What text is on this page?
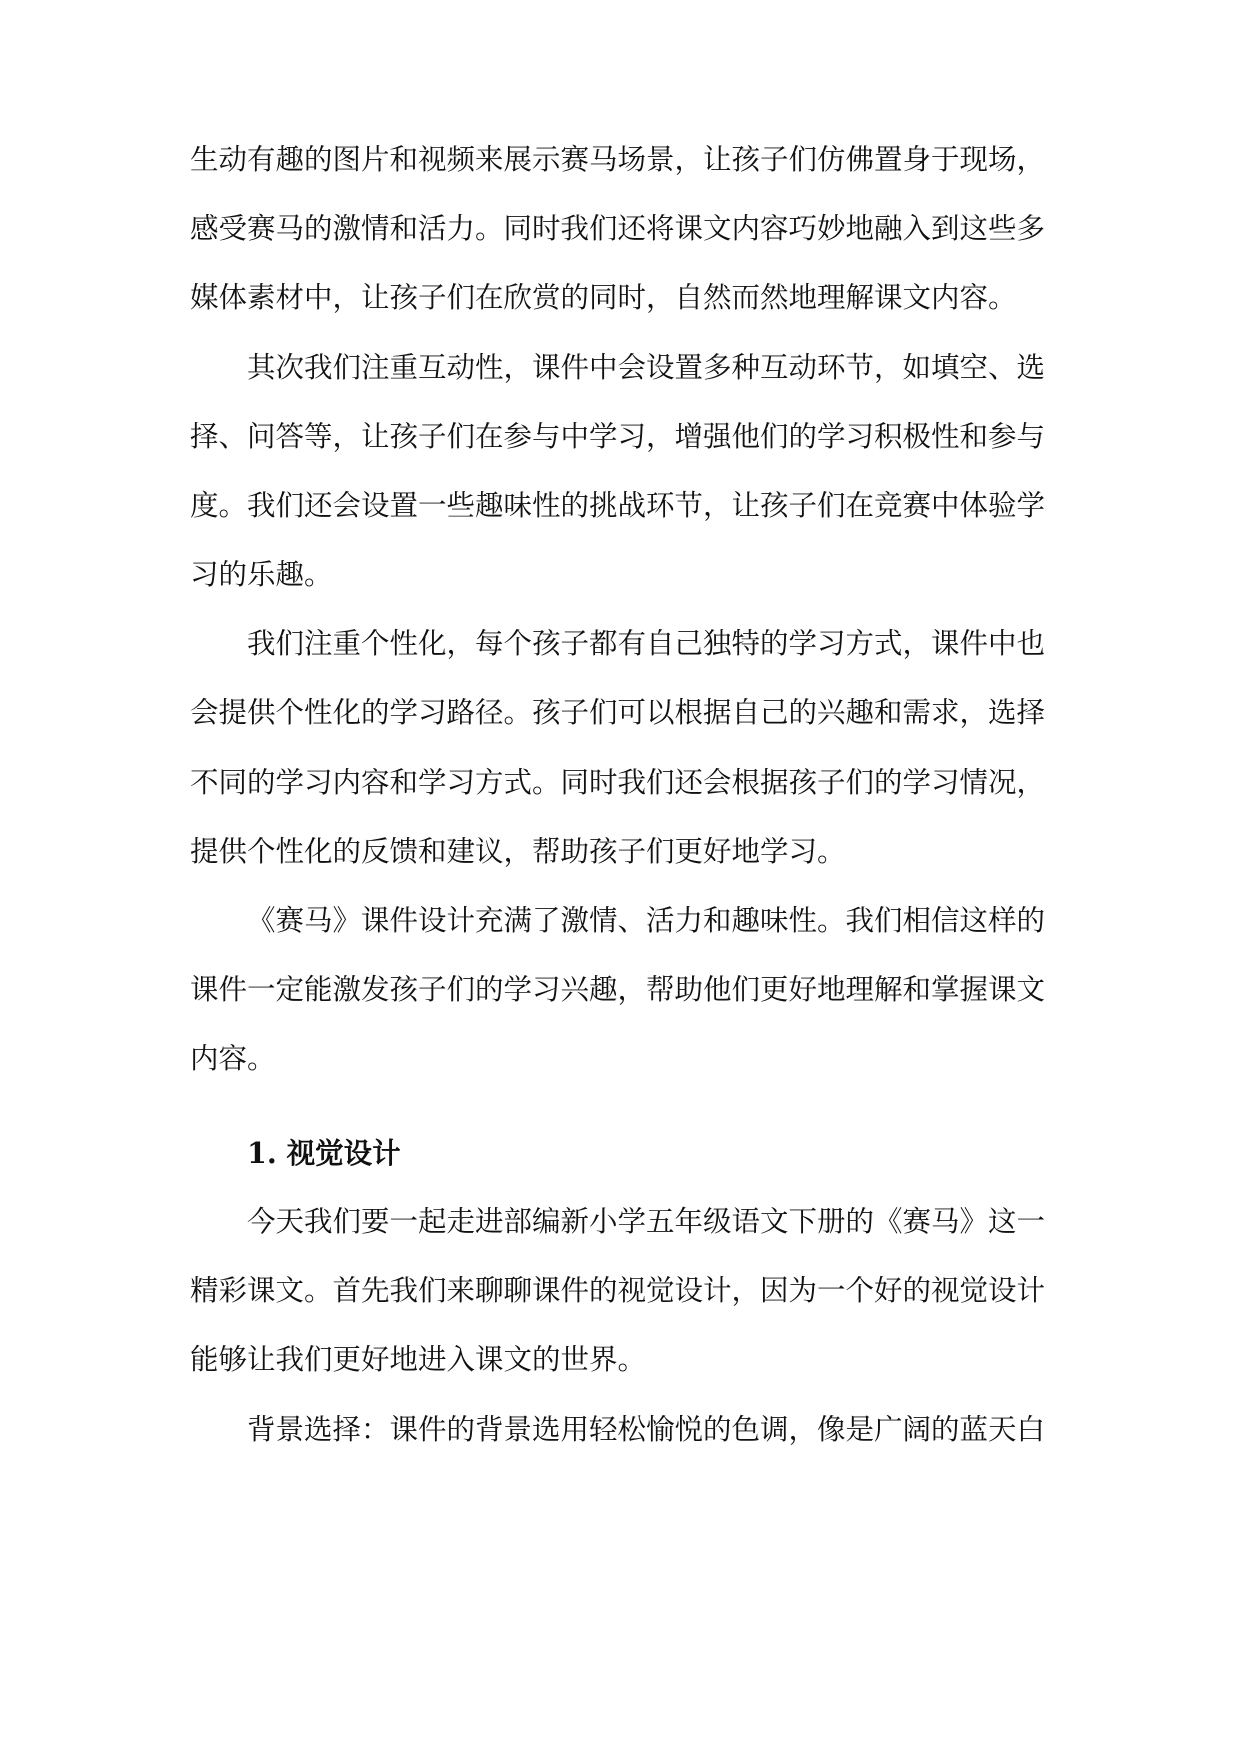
生动有趣的图片和视频来展示赛马场景，让孩子们仿佛置身于现场，
感受赛马的激情和活力。同时我们还将课文内容巧妙地融入到这些多
媒体素材中，让孩子们在欣赏的同时，自然而然地理解课文内容。
其次我们注重互动性，课件中会设置多种互动环节，如填空、选
择、问答等，让孩子们在参与中学习，增强他们的学习积极性和参与
度。我们还会设置一些趣味性的挑战环节，让孩子们在竞赛中体验学
习的乐趣。
我们注重个性化，每个孩子都有自己独特的学习方式，课件中也
会提供个性化的学习路径。孩子们可以根据自己的兴趣和需求，选择
不同的学习内容和学习方式。同时我们还会根据孩子们的学习情况，
提供个性化的反馈和建议，帮助孩子们更好地学习。
《赛马》课件设计充满了激情、活力和趣味性。我们相信这样的
课件一定能激发孩子们的学习兴趣，帮助他们更好地理解和掌握课文
内容。
1. 视觉设计
今天我们要一起走进部编新小学五年级语文下册的《赛马》这一
精彩课文。首先我们来聊聊课件的视觉设计，因为一个好的视觉设计
能够让我们更好地进入课文的世界。
背景选择：课件的背景选用轻松愉悦的色调，像是广阔的蓝天白
